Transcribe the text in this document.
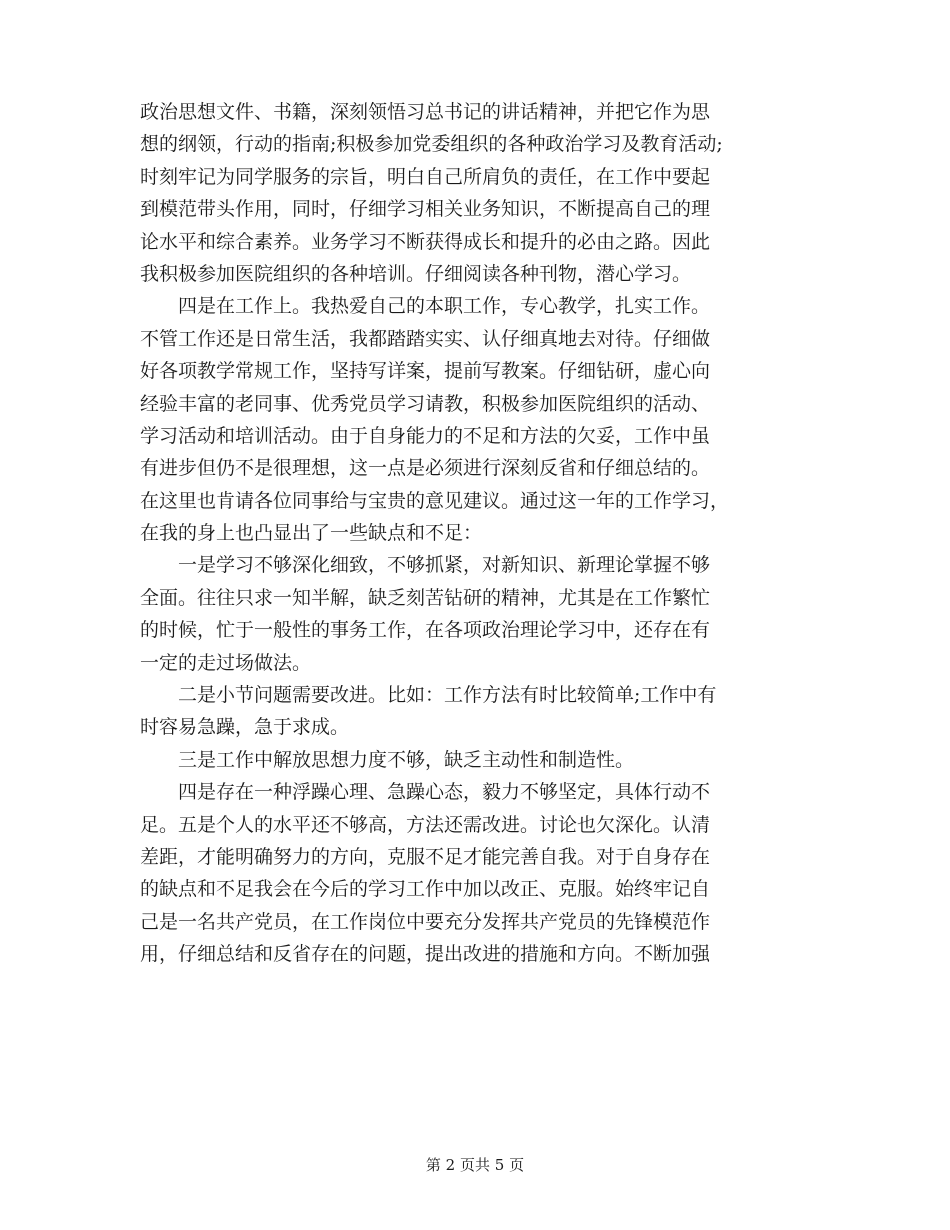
政治思想文件、书籍，深刻领悟习总书记的讲话精神，并把它作为思
想的纲领，行动的指南;积极参加党委组织的各种政治学习及教育活动;
时刻牢记为同学服务的宗旨，明白自己所肩负的责任，在工作中要起
到模范带头作用，同时，仔细学习相关业务知识，不断提高自己的理
论水平和综合素养。业务学习不断获得成长和提升的必由之路。因此
我积极参加医院组织的各种培训。仔细阅读各种刊物，潜心学习。
四是在工作上。我热爱自己的本职工作，专心教学，扎实工作。
不管工作还是日常生活，我都踏踏实实、认仔细真地去对待。仔细做
好各项教学常规工作，坚持写详案，提前写教案。仔细钻研，虚心向
经验丰富的老同事、优秀党员学习请教，积极参加医院组织的活动、
学习活动和培训活动。由于自身能力的不足和方法的欠妥，工作中虽
有进步但仍不是很理想，这一点是必须进行深刻反省和仔细总结的。
在这里也肯请各位同事给与宝贵的意见建议。通过这一年的工作学习，
在我的身上也凸显出了一些缺点和不足：
一是学习不够深化细致，不够抓紧，对新知识、新理论掌握不够
全面。往往只求一知半解，缺乏刻苦钻研的精神，尤其是在工作繁忙
的时候，忙于一般性的事务工作，在各项政治理论学习中，还存在有
一定的走过场做法。
二是小节问题需要改进。比如：工作方法有时比较简单;工作中有
时容易急躁，急于求成。
三是工作中解放思想力度不够，缺乏主动性和制造性。
四是存在一种浮躁心理、急躁心态，毅力不够坚定，具体行动不
足。五是个人的水平还不够高，方法还需改进。讨论也欠深化。认清
差距，才能明确努力的方向，克服不足才能完善自我。对于自身存在
的缺点和不足我会在今后的学习工作中加以改正、克服。始终牢记自
己是一名共产党员，在工作岗位中要充分发挥共产党员的先锋模范作
用，仔细总结和反省存在的问题，提出改进的措施和方向。不断加强
第 2 页共 5 页
